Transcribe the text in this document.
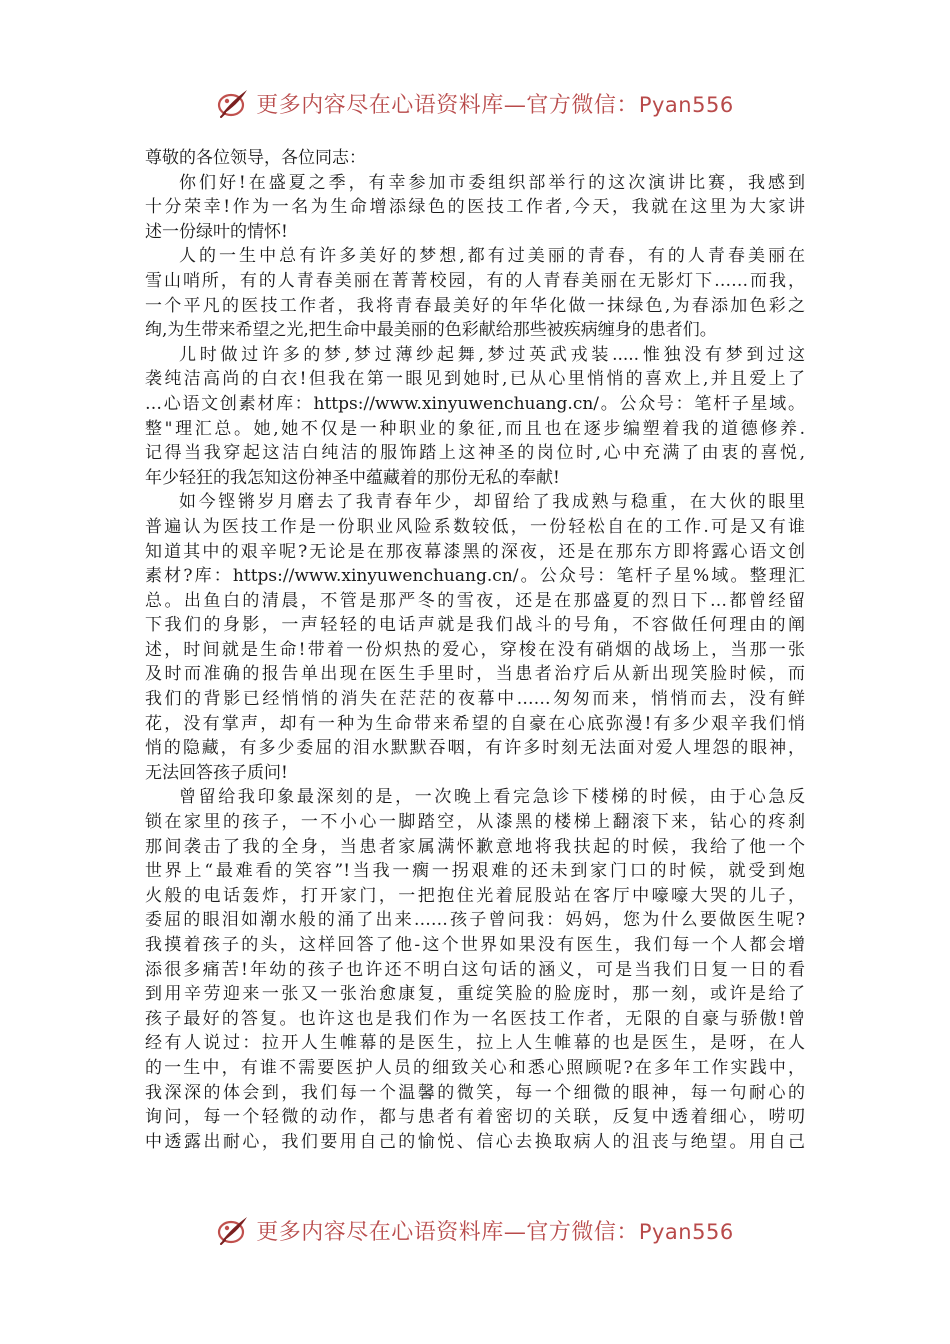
更多内容尽在心语资料库—官方微信：Pyan556
尊敬的各位领导，各位同志：
你们好!在盛夏之季，有幸参加市委组织部举行的这次演讲比赛，我感到
十分荣幸!作为一名为生命增添绿色的医技工作者,今天，我就在这里为大家讲
述一份绿叶的情怀!
人的一生中总有许多美好的梦想,都有过美丽的青春，有的人青春美丽在
雪山哨所，有的人青春美丽在菁菁校园，有的人青春美丽在无影灯下……而我，
一个平凡的医技工作者，我将青春最美好的年华化做一抹绿色,为春添加色彩之
绚,为生带来希望之光,把生命中最美丽的色彩献给那些被疾病缠身的患者们。
儿时做过许多的梦,梦过薄纱起舞,梦过英武戎装.....惟独没有梦到过这
袭纯洁高尚的白衣!但我在第一眼见到她时,已从心里悄悄的喜欢上,并且爱上了
…心语文创素材库：https://www.xinyuwenchuang.cn/。公众号：笔杆子星域。
整"理汇总。她,她不仅是一种职业的象征,而且也在逐步编塑着我的道德修养.
记得当我穿起这洁白纯洁的服饰踏上这神圣的岗位时,心中充满了由衷的喜悦,
年少轻狂的我怎知这份神圣中蕴藏着的那份无私的奉献!
如今铿锵岁月磨去了我青春年少，却留给了我成熟与稳重，在大伙的眼里
普遍认为医技工作是一份职业风险系数较低，一份轻松自在的工作.可是又有谁
知道其中的艰辛呢?无论是在那夜幕漆黑的深夜，还是在那东方即将露心语文创
素材?库：https://www.xinyuwenchuang.cn/。公众号：笔杆子星%域。整理汇
总。出鱼白的清晨，不管是那严冬的雪夜，还是在那盛夏的烈日下…都曾经留
下我们的身影，一声轻轻的电话声就是我们战斗的号角，不容做任何理由的阐
述，时间就是生命!带着一份炽热的爱心，穿梭在没有硝烟的战场上，当那一张
及时而准确的报告单出现在医生手里时，当患者治疗后从新出现笑脸时候，而
我们的背影已经悄悄的消失在茫茫的夜幕中……匆匆而来，悄悄而去，没有鲜
花，没有掌声，却有一种为生命带来希望的自豪在心底弥漫!有多少艰辛我们悄
悄的隐藏，有多少委屈的泪水默默吞咽，有许多时刻无法面对爱人埋怨的眼神，
无法回答孩子质问!
曾留给我印象最深刻的是，一次晚上看完急诊下楼梯的时候，由于心急反
锁在家里的孩子，一不小心一脚踏空，从漆黑的楼梯上翻滚下来，钻心的疼刹
那间袭击了我的全身，当患者家属满怀歉意地将我扶起的时候，我给了他一个
世界上“最难看的笑容”!当我一瘸一拐艰难的还未到家门口的时候，就受到炮
火般的电话轰炸，打开家门，一把抱住光着屁股站在客厅中嚎嚎大哭的儿子，
委屈的眼泪如潮水般的涌了出来……孩子曾问我：妈妈，您为什么要做医生呢?
我摸着孩子的头，这样回答了他-这个世界如果没有医生，我们每一个人都会增
添很多痛苦!年幼的孩子也许还不明白这句话的涵义，可是当我们日复一日的看
到用辛劳迎来一张又一张治愈康复，重绽笑脸的脸庞时，那一刻，或许是给了
孩子最好的答复。也许这也是我们作为一名医技工作者，无限的自豪与骄傲!曾
经有人说过：拉开人生帷幕的是医生，拉上人生帷幕的也是医生，是呀，在人
的一生中，有谁不需要医护人员的细致关心和悉心照顾呢?在多年工作实践中，
我深深的体会到，我们每一个温馨的微笑，每一个细微的眼神，每一句耐心的
询问，每一个轻微的动作，都与患者有着密切的关联，反复中透着细心，唠叨
中透露出耐心，我们要用自己的愉悦、信心去换取病人的沮丧与绝望。用自己
更多内容尽在心语资料库—官方微信：Pyan556
